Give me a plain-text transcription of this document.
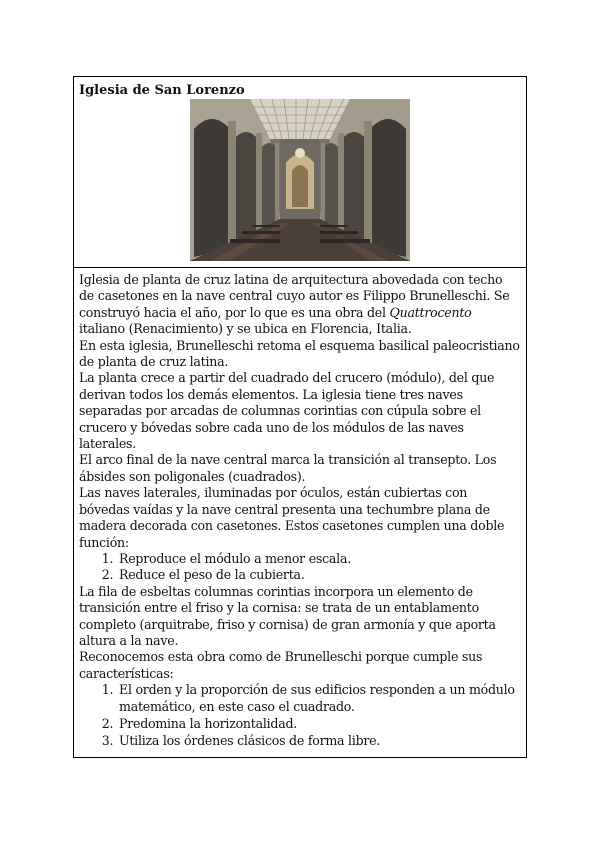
Iglesia de San Lorenzo

Iglesia de planta de cruz latina de arquitectura abovedada con techo de casetones en la nave central cuyo autor es Filippo Brunelleschi. Se construyó hacia el año, por lo que es una obra del Quattrocento italiano (Renacimiento) y se ubica en Florencia, Italia.

En esta iglesia, Brunelleschi retoma el esquema basilical paleocristiano de planta de cruz latina.

La planta crece a partir del cuadrado del crucero (módulo), del que derivan todos los demás elementos. La iglesia tiene tres naves separadas por arcadas de columnas corintias con cúpula sobre el crucero y bóvedas sobre cada uno de los módulos de las naves laterales.

El arco final de la nave central marca la transición al transepto. Los ábsides son poligonales (cuadrados).

Las naves laterales, iluminadas por óculos, están cubiertas con bóvedas vaídas y la nave central presenta una techumbre plana de madera decorada con casetones. Estos casetones cumplen una doble función:

1. Reproduce el módulo a menor escala.
2. Reduce el peso de la cubierta.

La fila de esbeltas columnas corintias incorpora un elemento de transición entre el friso y la cornisa: se trata de un entablamento completo (arquitrabe, friso y cornisa) de gran armonía y que aporta altura a la nave.

Reconocemos esta obra como de Brunelleschi porque cumple sus características:

1. El orden y la proporción de sus edificios responden a un módulo matemático, en este caso el cuadrado.
2. Predomina la horizontalidad.
3. Utiliza los órdenes clásicos de forma libre.
